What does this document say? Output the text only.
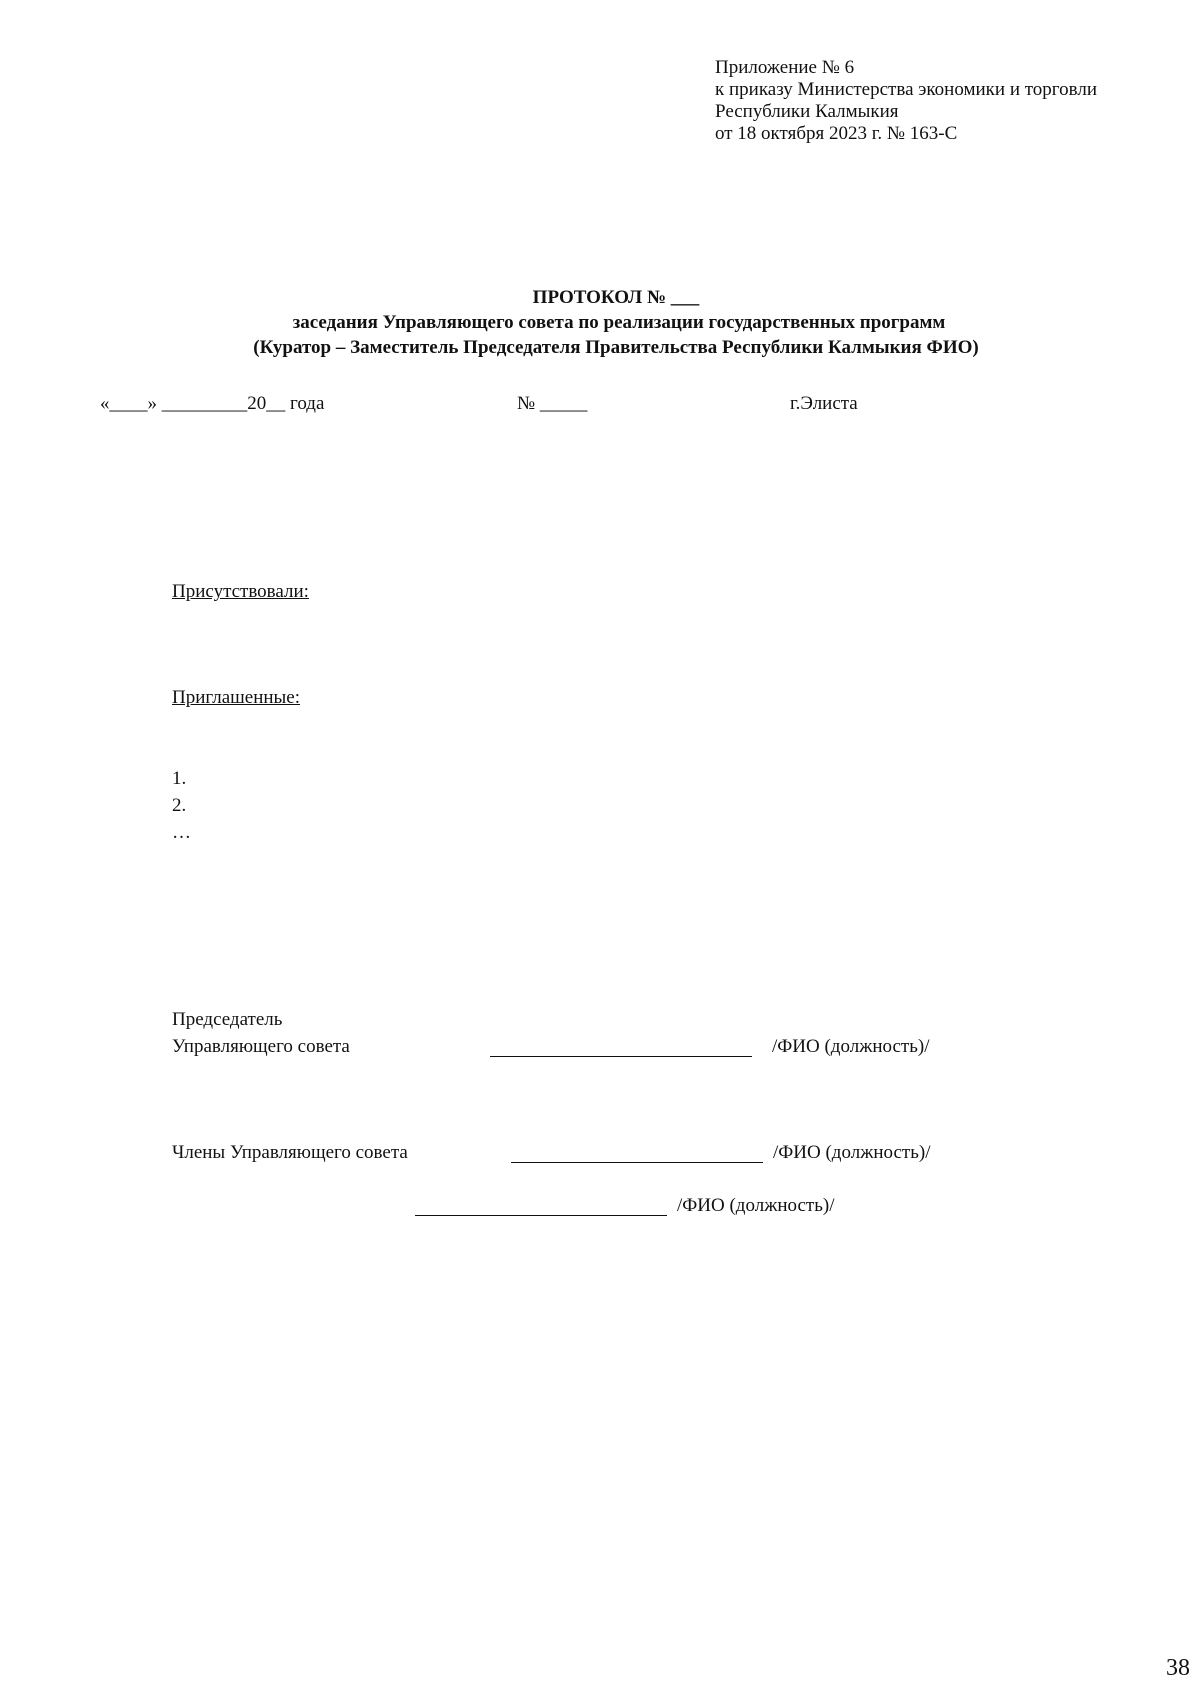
Приложение № 6
к приказу Министерства экономики и торговли
Республики Калмыкия
от 18 октября 2023 г. № 163-С
ПРОТОКОЛ № ___
заседания Управляющего совета по реализации государственных программ
(Куратор – Заместитель Председателя Правительства Республики Калмыкия ФИО)
«____» _________20__ года	№ _____	г.Элиста
Присутствовали:
Приглашенные:
1.
2.
…
Председатель
Управляющего совета	/ФИО (должность)/
Члены Управляющего совета	/ФИО (должность)/
/ФИО (должность)/
38
